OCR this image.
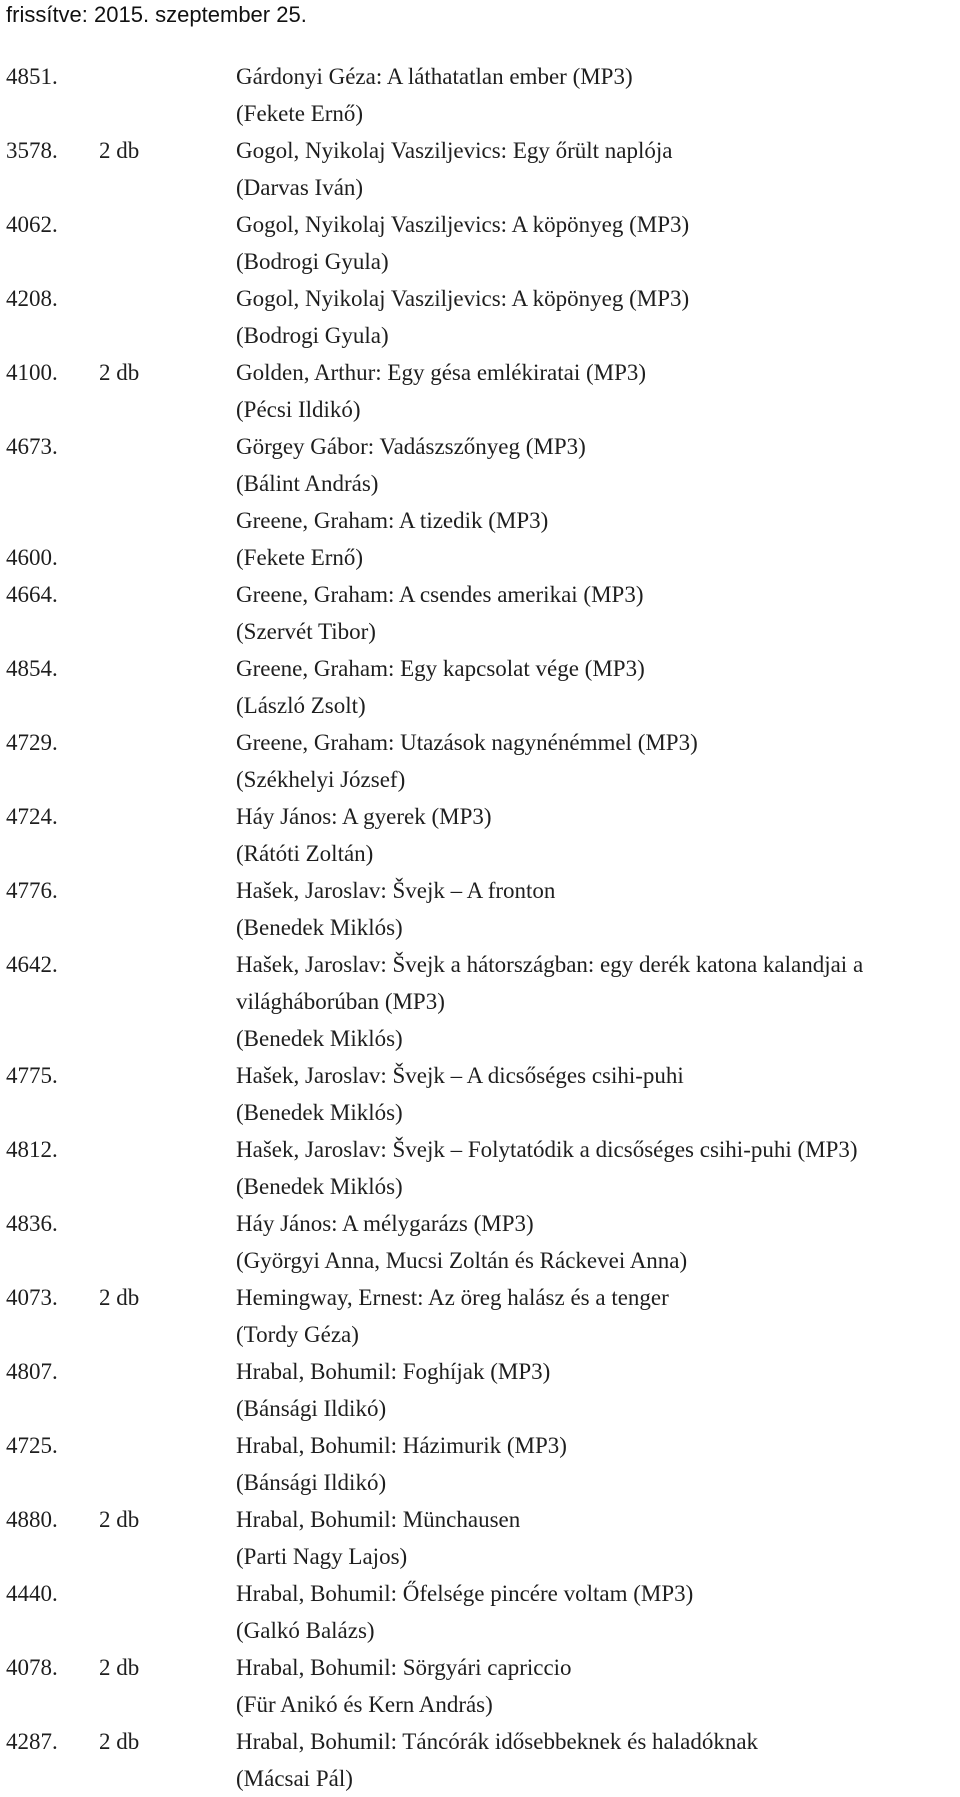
frissítve: 2015. szeptember 25.
4851.	Gárdonyi Géza: A láthatatlan ember (MP3)
(Fekete Ernő)
3578. 2 db	Gogol, Nyikolaj Vaszilјevics: Egy őrült naplója
(Darvas Iván)
4062.	Gogol, Nyikolaj Vaszilјevics: A köpönyeg (MP3)
(Bodrogi Gyula)
4208.	Gogol, Nyikolaj Vaszilјevics: A köpönyeg (MP3)
(Bodrogi Gyula)
4100. 2 db	Golden, Arthur: Egy gésa emlékiratai (MP3)
(Pécsi Ildikó)
4673.	Görgey Gábor: Vadászszőnyeg (MP3)
(Bálint András)
Greene, Graham: A tizedik (MP3)
4600.	(Fekete Ernő)
4664.	Greene, Graham: A csendes amerikai (MP3)
(Szervét Tibor)
4854.	Greene, Graham: Egy kapcsolat vége (MP3)
(László Zsolt)
4729.	Greene, Graham: Utazások nagynénémmel (MP3)
(Székhelyi József)
4724.	Háy János: A gyerek (MP3)
(Rátóti Zoltán)
4776.	Hašek, Jaroslav: Švejk – A fronton
(Benedek Miklós)
4642.	Hašek, Jaroslav: Švejk a hátországban: egy derék katona kalandjai a
világháborúban (MP3)
(Benedek Miklós)
4775.	Hašek, Jaroslav: Švejk – A dicsőséges csihi-puhi
(Benedek Miklós)
4812.	Hašek, Jaroslav: Švejk – Folytatódik a dicsőséges csihi-puhi (MP3)
(Benedek Miklós)
4836.	Háy János: A mélygarázs (MP3)
(Györgyi Anna, Mucsi Zoltán és Ráckevei Anna)
4073. 2 db	Hemingway, Ernest: Az öreg halász és a tenger
(Tordy Géza)
4807.	Hrabal, Bohumil: Foghíjak (MP3)
(Bánsági Ildikó)
4725.	Hrabal, Bohumil: Házimurik (MP3)
(Bánsági Ildikó)
4880. 2 db	Hrabal, Bohumil: Münchausen
(Parti Nagy Lajos)
4440.	Hrabal, Bohumil: Őfelsége pincére voltam (MP3)
(Galkó Balázs)
4078. 2 db	Hrabal, Bohumil: Sörgyári capriccio
(Für Anikó és Kern András)
4287. 2 db	Hrabal, Bohumil: Táncórák idősebbeknek és haladóknak
(Mácsai Pál)
